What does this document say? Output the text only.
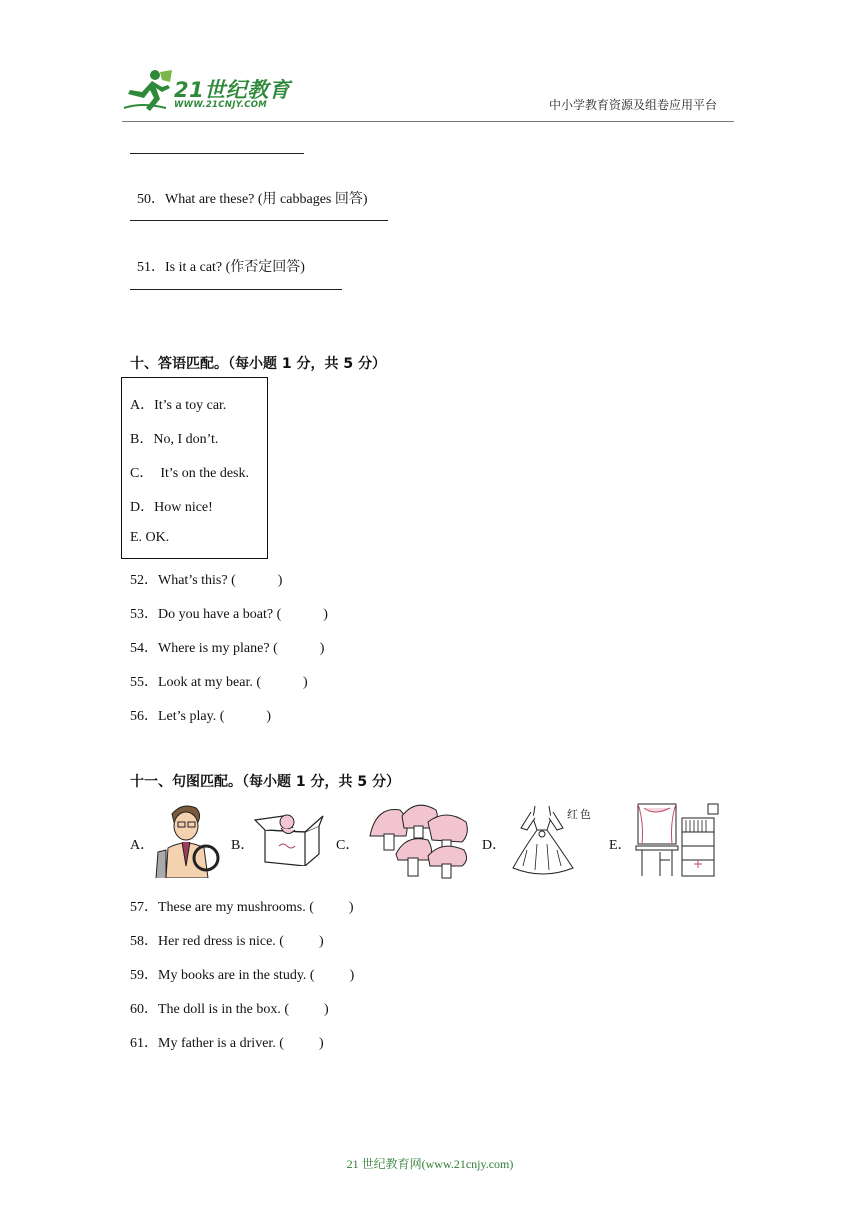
21世纪教育
WWW.21CNJY.COM	中小学教育资源及组卷应用平台

50．What are these? (用 cabbages 回答)

51．Is it a cat? (作否定回答)

十、答语匹配。（每小题 1 分，共 5 分）
A．It’s a toy car.
B．No, I don’t.
C．  It’s on the desk.
D．How nice!
E. OK.
52．What’s this? (            )
53．Do you have a boat? (            )
54．Where is my plane? (            )
55．Look at my bear. (            )
56．Let’s play. (            )
十一、句图匹配。（每小题 1 分，共 5 分）
A．	B．	C．	D．	E．
红色
57．These are my mushrooms. (          )
58．Her red dress is nice. (          )
59．My books are in the study. (          )
60．The doll is in the box. (          )
61．My father is a driver. (          )
21 世纪教育网(www.21cnjy.com)
